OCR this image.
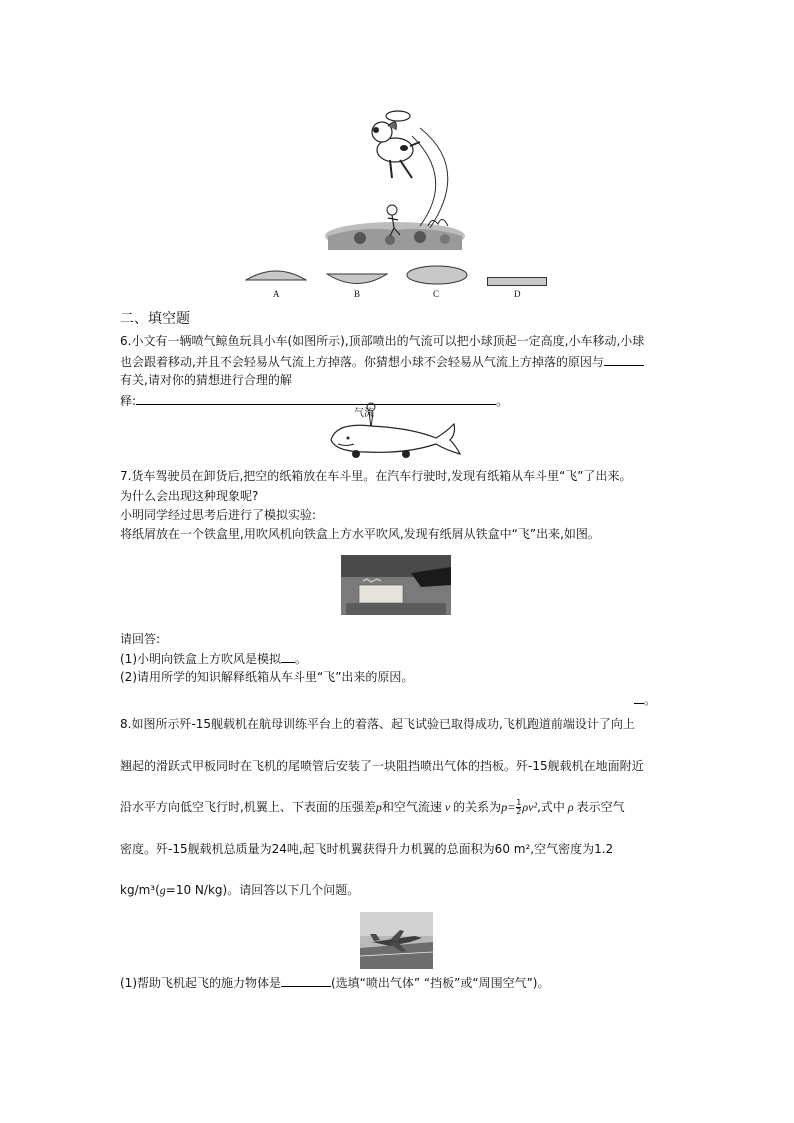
A	B	C	D
二、填空题
6.小文有一辆喷气鲸鱼玩具小车(如图所示),顶部喷出的气流可以把小球顶起一定高度,小车移动,小球
也会跟着移动,并且不会轻易从气流上方掉落。你猜想小球不会轻易从气流上方掉落的原因与
有关,请对你的猜想进行合理的解
释:	。
气流
7.货车驾驶员在卸货后,把空的纸箱放在车斗里。在汽车行驶时,发现有纸箱从车斗里“飞”了出来。
为什么会出现这种现象呢?
小明同学经过思考后进行了模拟实验:
将纸屑放在一个铁盒里,用吹风机向铁盒上方水平吹风,发现有纸屑从铁盒中“飞”出来,如图。
请回答:
(1)小明向铁盒上方吹风是模拟 。
(2)请用所学的知识解释纸箱从车斗里“飞”出来的原因。
。
8.如图所示歼-15舰载机在航母训练平台上的着落、起飞试验已取得成功,飞机跑道前端设计了向上
翘起的滑跃式甲板同时在飞机的尾喷管后安装了一块阻挡喷出气体的挡板。歼-15舰载机在地面附近
沿水平方向低空飞行时,机翼上、下表面的压强差p和空气流速 v 的关系为$p= \frac{1}{2} \rho v^2$,式中 ρ 表示空气
密度。歼-15舰载机总质量为24吨,起飞时机翼获得升力机翼的总面积为60 m²,空气密度为1.2
kg/m³(g=10 N/kg)。请回答以下几个问题。
(1)帮助飞机起飞的施力物体是	(选填“喷出气体” “挡板”或“周围空气”)。
